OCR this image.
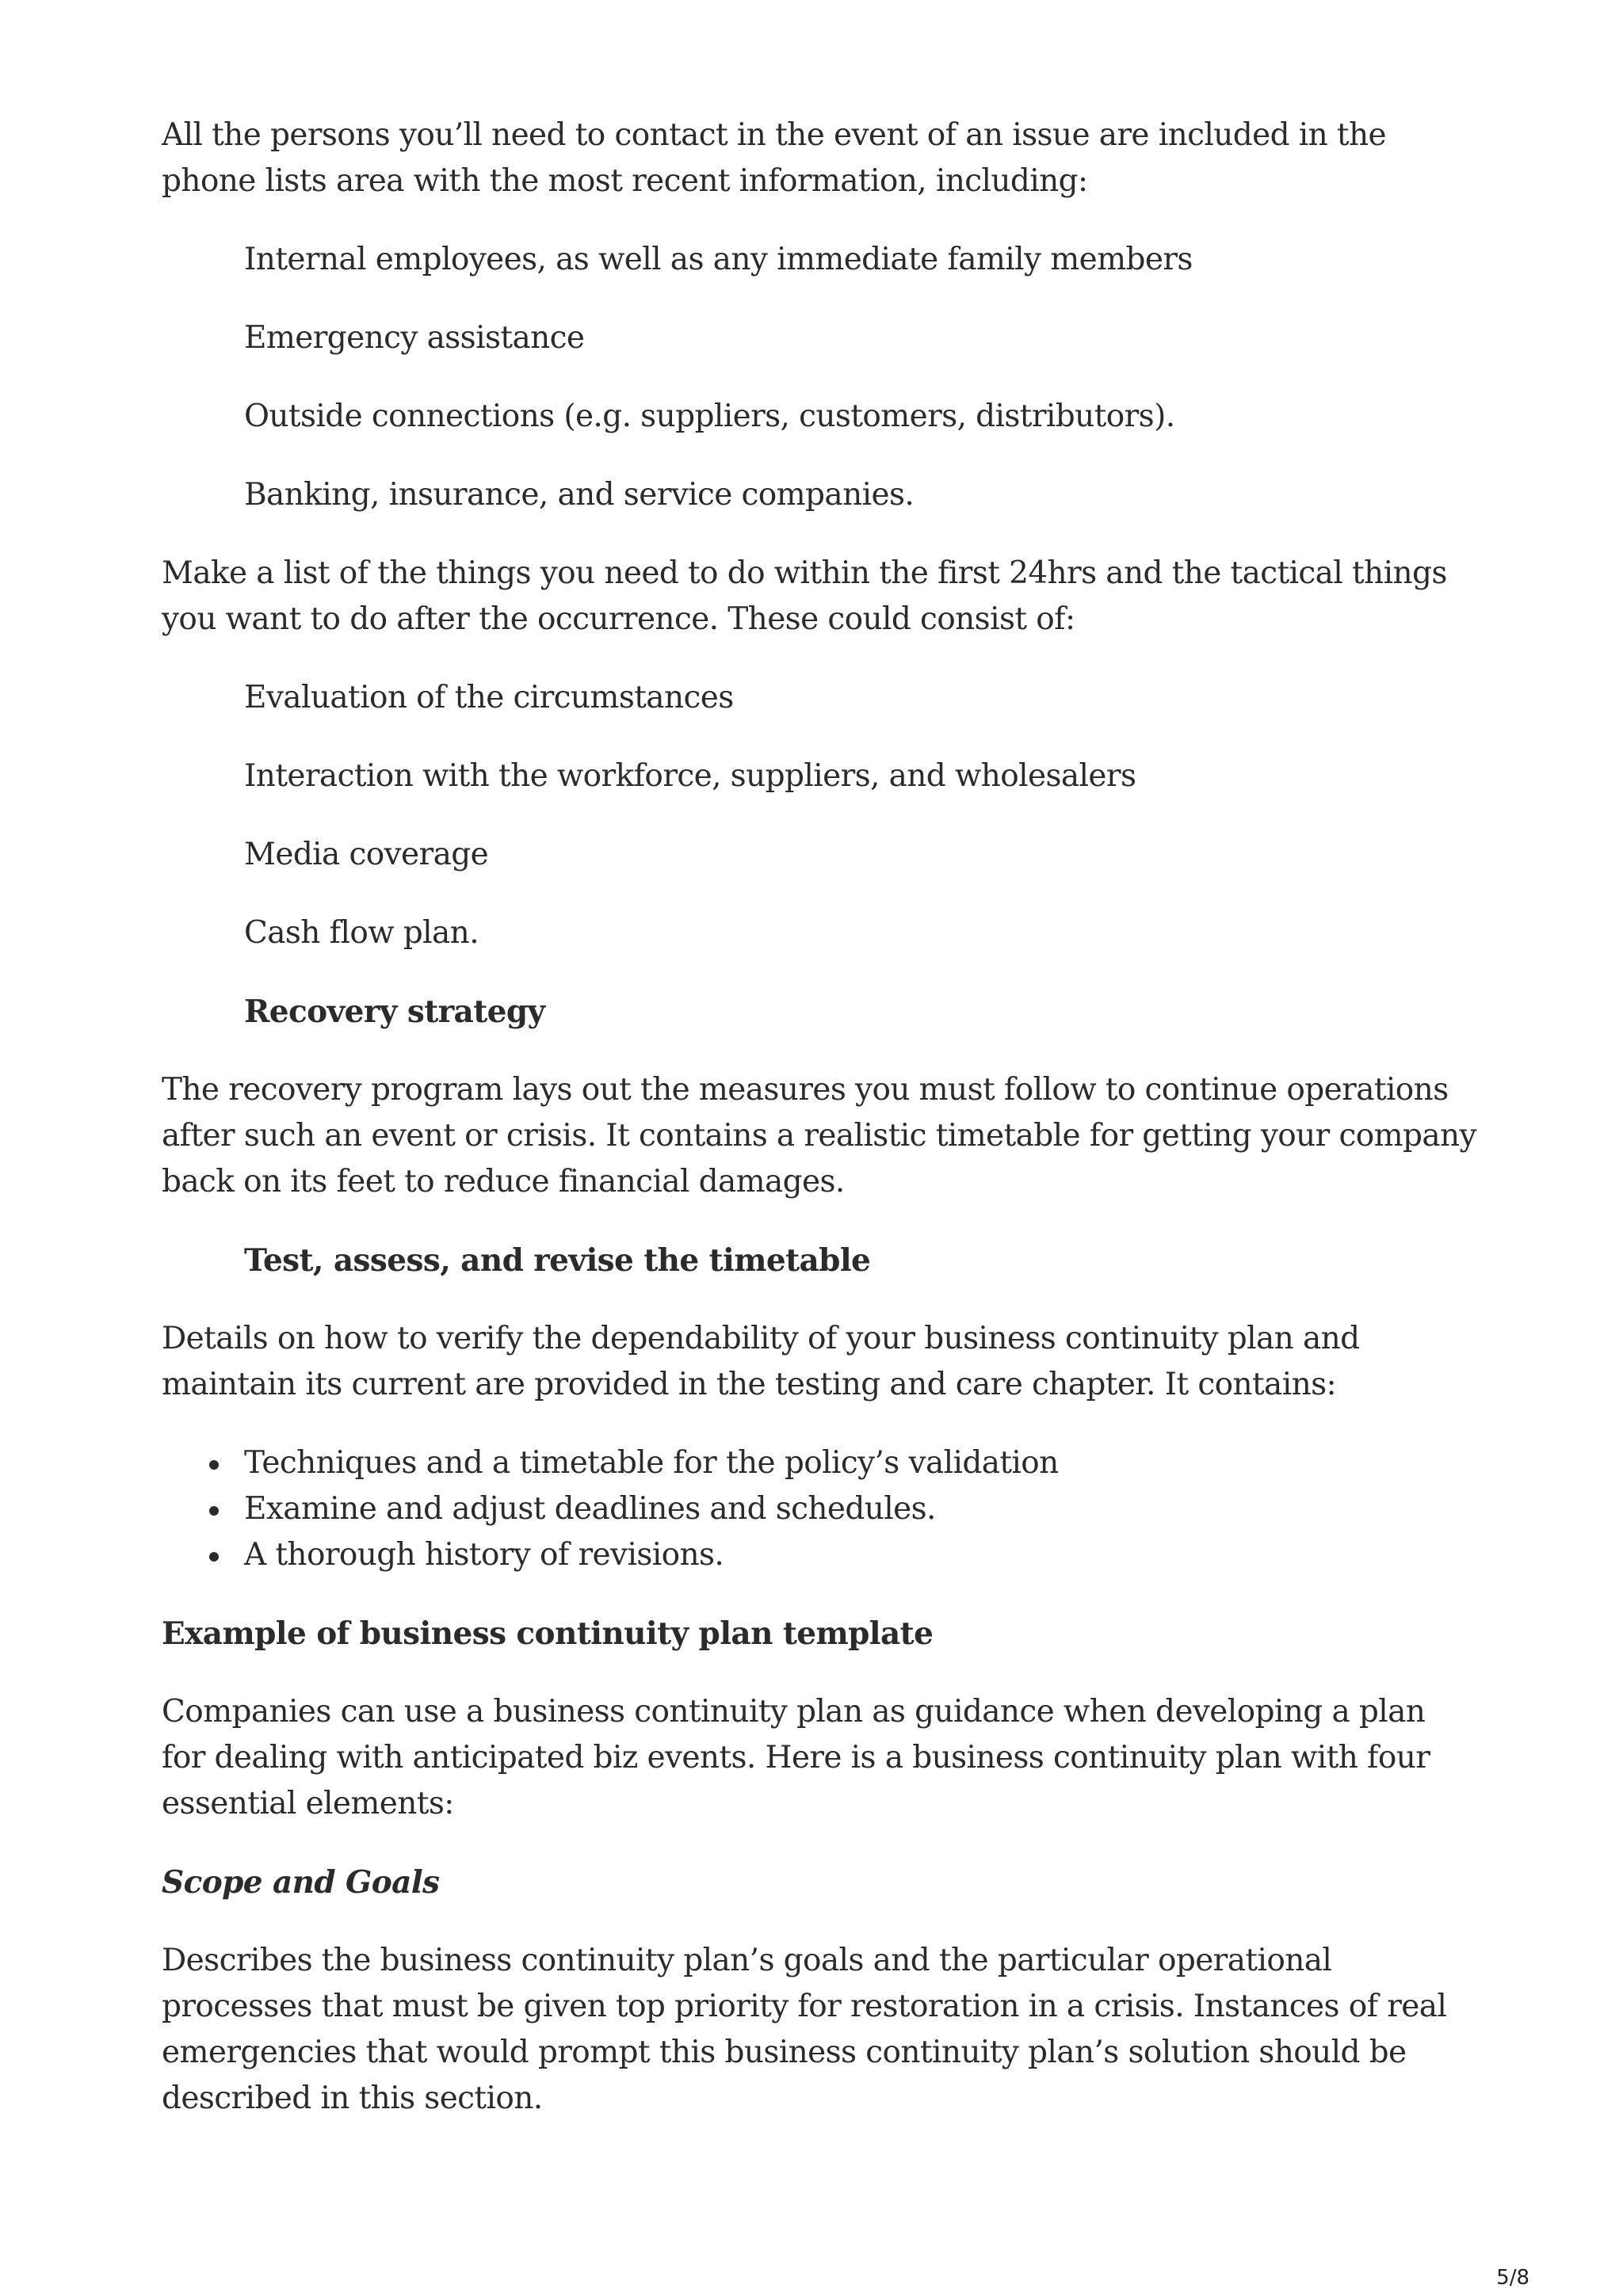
All the persons you’ll need to contact in the event of an issue are included in the phone lists area with the most recent information, including:

Internal employees, as well as any immediate family members

Emergency assistance

Outside connections (e.g. suppliers, customers, distributors).

Banking, insurance, and service companies.

Make a list of the things you need to do within the first 24hrs and the tactical things you want to do after the occurrence. These could consist of:

Evaluation of the circumstances

Interaction with the workforce, suppliers, and wholesalers

Media coverage

Cash flow plan.

Recovery strategy

The recovery program lays out the measures you must follow to continue operations after such an event or crisis. It contains a realistic timetable for getting your company back on its feet to reduce financial damages.

Test, assess, and revise the timetable

Details on how to verify the dependability of your business continuity plan and maintain its current are provided in the testing and care chapter. It contains:

Techniques and a timetable for the policy’s validation
Examine and adjust deadlines and schedules.
A thorough history of revisions.

Example of business continuity plan template

Companies can use a business continuity plan as guidance when developing a plan for dealing with anticipated biz events. Here is a business continuity plan with four essential elements:

Scope and Goals

Describes the business continuity plan’s goals and the particular operational processes that must be given top priority for restoration in a crisis. Instances of real emergencies that would prompt this business continuity plan’s solution should be described in this section.

5/8
